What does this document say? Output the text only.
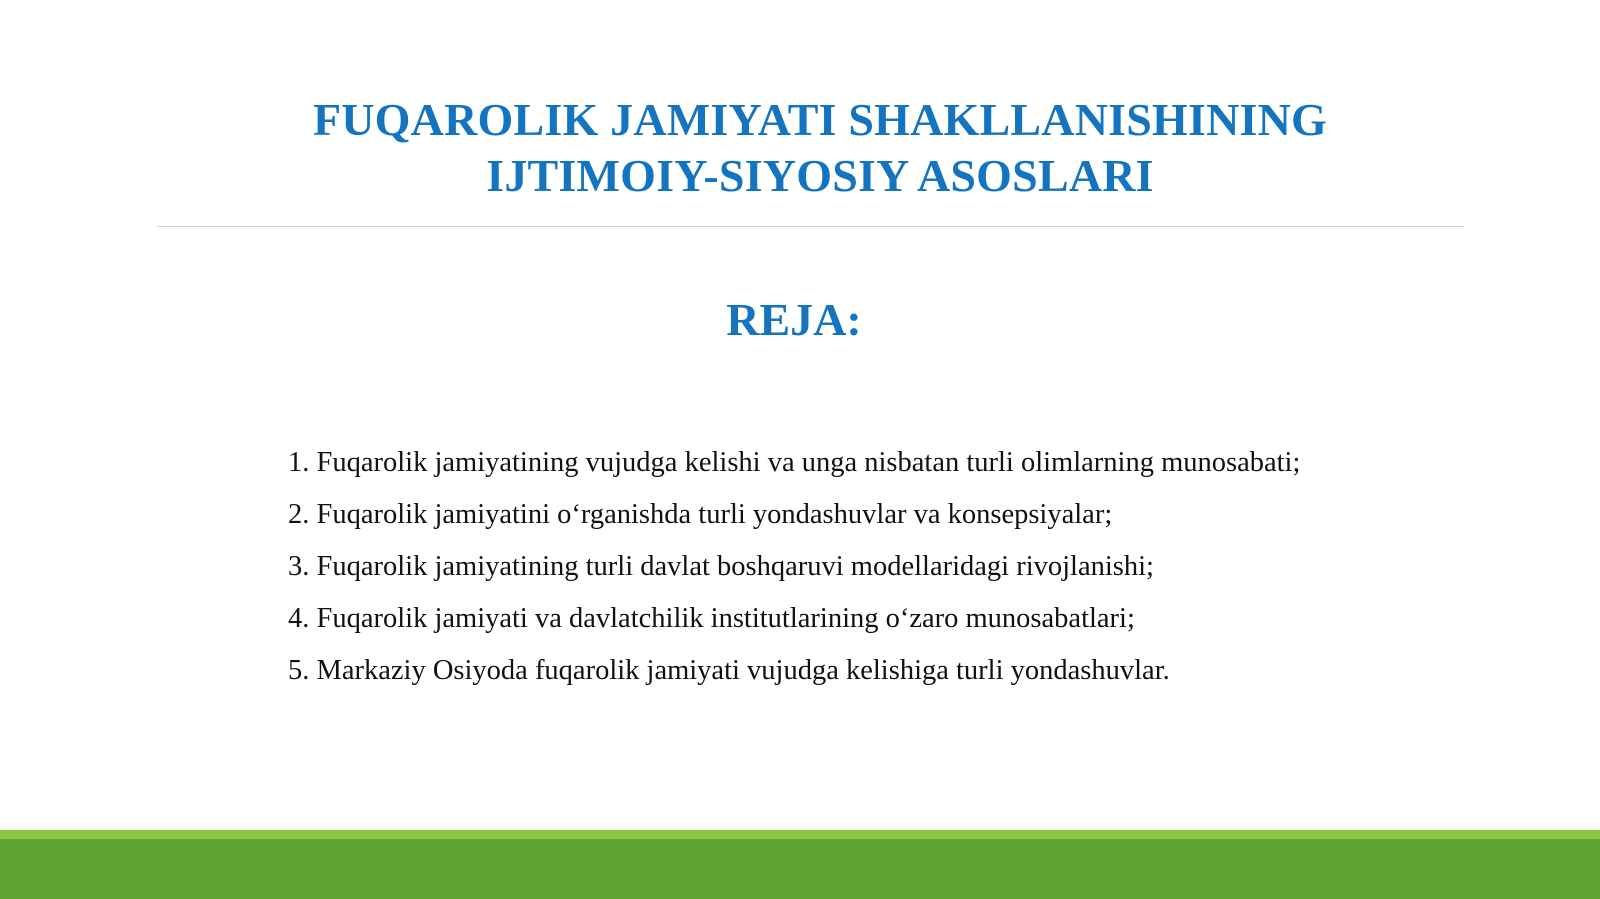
FUQAROLIK JAMIYATI SHAKLLANISHINING
IJTIMOIY-SIYOSIY ASOSLARI
REJA:
1. Fuqarolik jamiyatining vujudga kelishi va unga nisbatan turli olimlarning munosabati;
2. Fuqarolik jamiyatini o‘rganishda turli yondashuvlar va konsepsiyalar;
3. Fuqarolik jamiyatining turli davlat boshqaruvi modellaridagi rivojlanishi;
4. Fuqarolik jamiyati va davlatchilik institutlarining o‘zaro munosabatlari;
5. Markaziy Osiyoda fuqarolik jamiyati vujudga kelishiga turli yondashuvlar.
